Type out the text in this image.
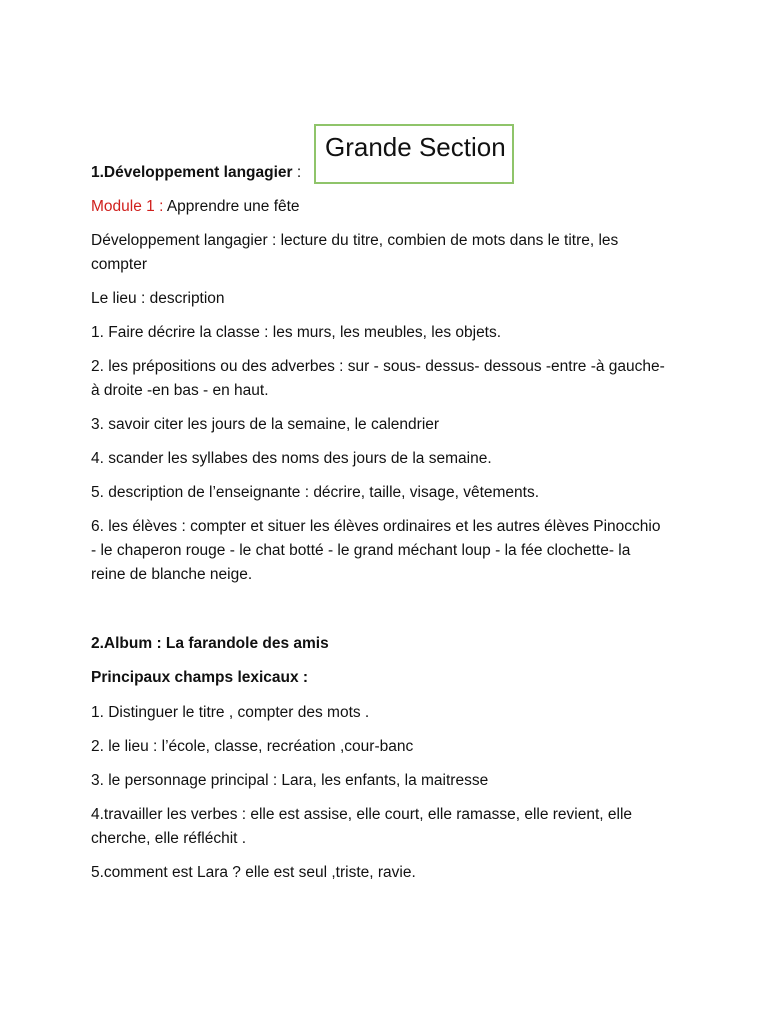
Grande Section
1.Développement langagier :
Module 1 : Apprendre une fête
Développement langagier : lecture du titre, combien de mots dans le titre, les
compter
Le lieu : description
1. Faire décrire la classe : les murs, les meubles, les objets.
2. les prépositions ou des adverbes : sur - sous- dessus- dessous -entre -à gauche-
à droite -en bas - en haut.
3. savoir citer les jours de la semaine, le calendrier
4. scander les syllabes des noms des jours de la semaine.
5. description de l’enseignante : décrire, taille, visage, vêtements.
6. les élèves : compter et situer les élèves ordinaires et les autres élèves Pinocchio
- le chaperon rouge - le chat botté - le grand méchant loup - la fée clochette- la
reine de blanche neige.
2.Album : La farandole des amis
Principaux champs lexicaux :
1. Distinguer le titre , compter des mots .
2. le lieu : l’école, classe, recréation ,cour-banc
3. le personnage principal : Lara, les enfants, la maitresse
4.travailler les verbes : elle est assise, elle court, elle ramasse, elle revient, elle
cherche, elle réfléchit .
5.comment est Lara ? elle est seul ,triste, ravie.
